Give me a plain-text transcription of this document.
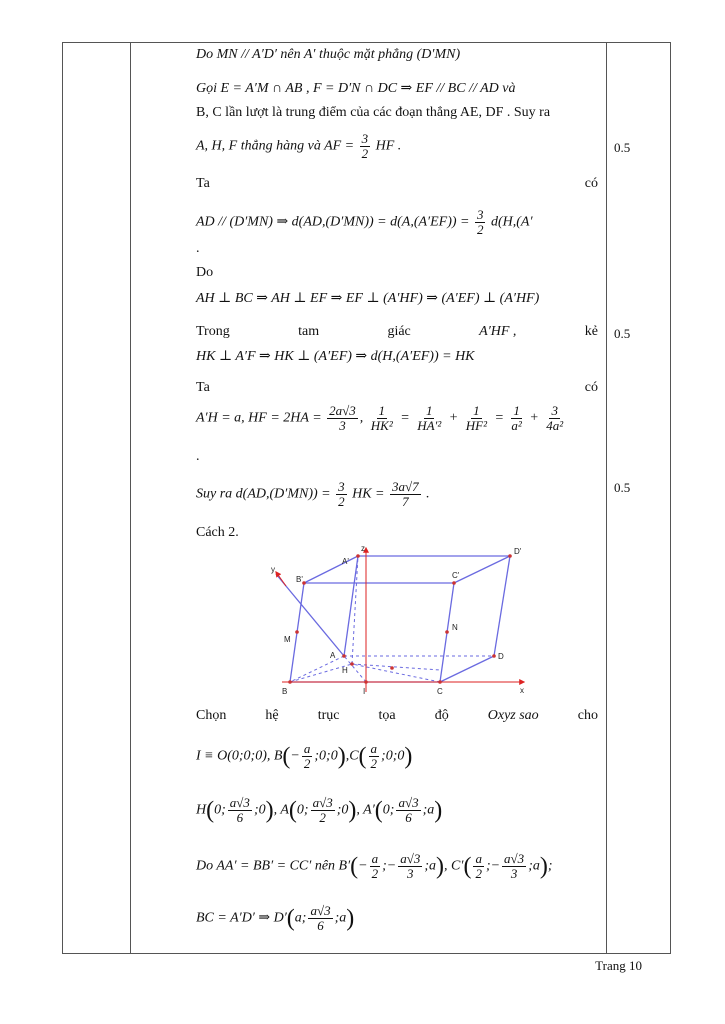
Do MN // A′D′ nên A′ thuộc mặt phẳng (D′MN)
Gọi E = A′M ∩ AB , F = D′N ∩ DC ⇒ EF // BC // AD và
B, C lần lượt là trung điểm của các đoạn thẳng AE, DF . Suy ra
A, H, F thẳng hàng và AF = $\frac{3}{2}$ HF .
Ta	có
AD // (D′MN) ⇒ $d(AD,(D'MN)) = d(A,(A'EF)) = \frac{3}{2} d(H,(A'$
.
Do
AH ⊥ BC ⇒ AH ⊥ EF ⇒ EF ⊥ (A′HF) ⇒ (A′EF) ⊥ (A′HF)
Trong	tam	giác	A′HF ,	kẻ
HK ⊥ A′F ⇒ HK ⊥ (A′EF) ⇒ d(H,(A′EF)) = HK
Ta	có
A′H = a, HF = $2HA = \frac{2a√3}{3}$ , $\frac{1}{\text{HK²}} = \frac{1}{\text{HA′²}} + \frac{1}{\text{HF²}} = \frac{1}{\text{a²}} + \frac{3}{\text{4a²}}$
.
Suy ra $d(AD,(D'MN)) = \frac{3}{2}$ HK = $\frac{3a√7}{7}$ .
Cách 2.
z
y
x
A'
B'	C'
D'
M
N
A
H
D
B	I	C
Chọn	hệ	trục	tọa	độ	Oxyz sao	cho
I ≡ O(0;0;0), $B(- \frac{a}{2}$ ;0;0),C( $\frac{a}{2}$ ;0;0)
H(0; $\frac{a√3}{6}$ ;0), A(0; $\frac{a√3}{2}$ ;0), A′(0; $\frac{a√3}{6}$ ;a)
Do AA′ = BB′ = CC′ nên $B'(- \frac{a}{2}$ ;− $\frac{a√3}{3}$ ;a), $C'( \frac{a}{2}$ ;− $\frac{a√3}{3}$ ;a);
BC = A′D′ ⇒ D′(a; $\frac{a√3}{6}$ ;a)
0.5
0.5
0.5
Trang 10
